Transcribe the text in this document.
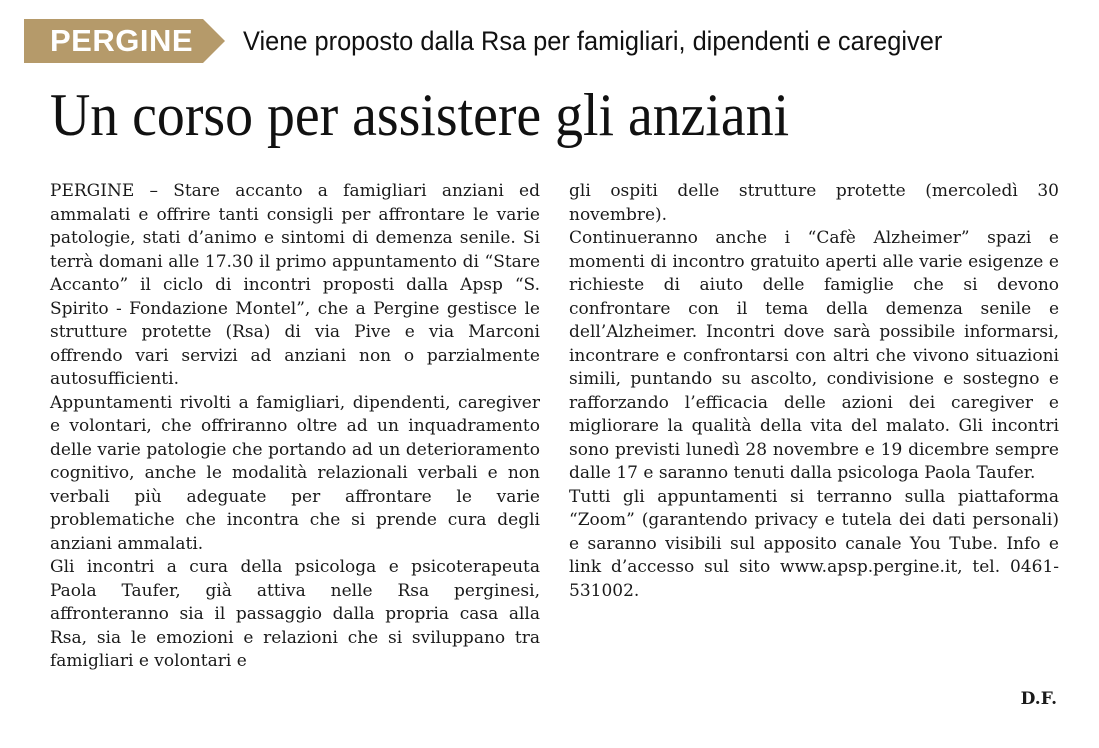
PERGINE	Viene proposto dalla Rsa per famigliari, dipendenti e caregiver
Un corso per assistere gli anziani

PERGINE – Stare accanto a famigliari anziani ed ammalati e offrire tanti consigli per affrontare le varie patologie, stati d’animo e sintomi di demenza senile. Si terrà domani alle 17.30 il primo appuntamento di “Stare Accanto” il ciclo di incontri proposti dalla Apsp “S. Spirito - Fondazione Montel”, che a Pergine gestisce le strutture protette (Rsa) di via Pive e via Marconi offrendo vari servizi ad anziani non o parzialmente autosufficienti.

Appuntamenti rivolti a famigliari, dipendenti, caregiver e volontari, che offriranno oltre ad un inquadramento delle varie patologie che portando ad un deterioramento cognitivo, anche le modalità relazionali verbali e non verbali più adeguate per affrontare le varie problematiche che incontra che si prende cura degli anziani ammalati.

Gli incontri a cura della psicologa e psicoterapeuta Paola Taufer, già attiva nelle Rsa perginesi, affronteranno sia il passaggio dalla propria casa alla Rsa, sia le emozioni e relazioni che si sviluppano tra famigliari e volontari e

gli ospiti delle strutture protette (mercoledì 30 novembre).

Continueranno anche i “Cafè Alzheimer” spazi e momenti di incontro gratuito aperti alle varie esigenze e richieste di aiuto delle famiglie che si devono confrontare con il tema della demenza senile e dell’Alzheimer. Incontri dove sarà possibile informarsi, incontrare e confrontarsi con altri che vivono situazioni simili, puntando su ascolto, condivisione e sostegno e rafforzando l’efficacia delle azioni dei caregiver e migliorare la qualità della vita del malato. Gli incontri sono previsti lunedì 28 novembre e 19 dicembre sempre dalle 17 e saranno tenuti dalla psicologa Paola Taufer.

Tutti gli appuntamenti si terranno sulla piattaforma “Zoom” (garantendo privacy e tutela dei dati personali) e saranno visibili sul apposito canale You Tube. Info e link d’accesso sul sito www.apsp.pergine.it, tel. 0461-531002.

D.F.
